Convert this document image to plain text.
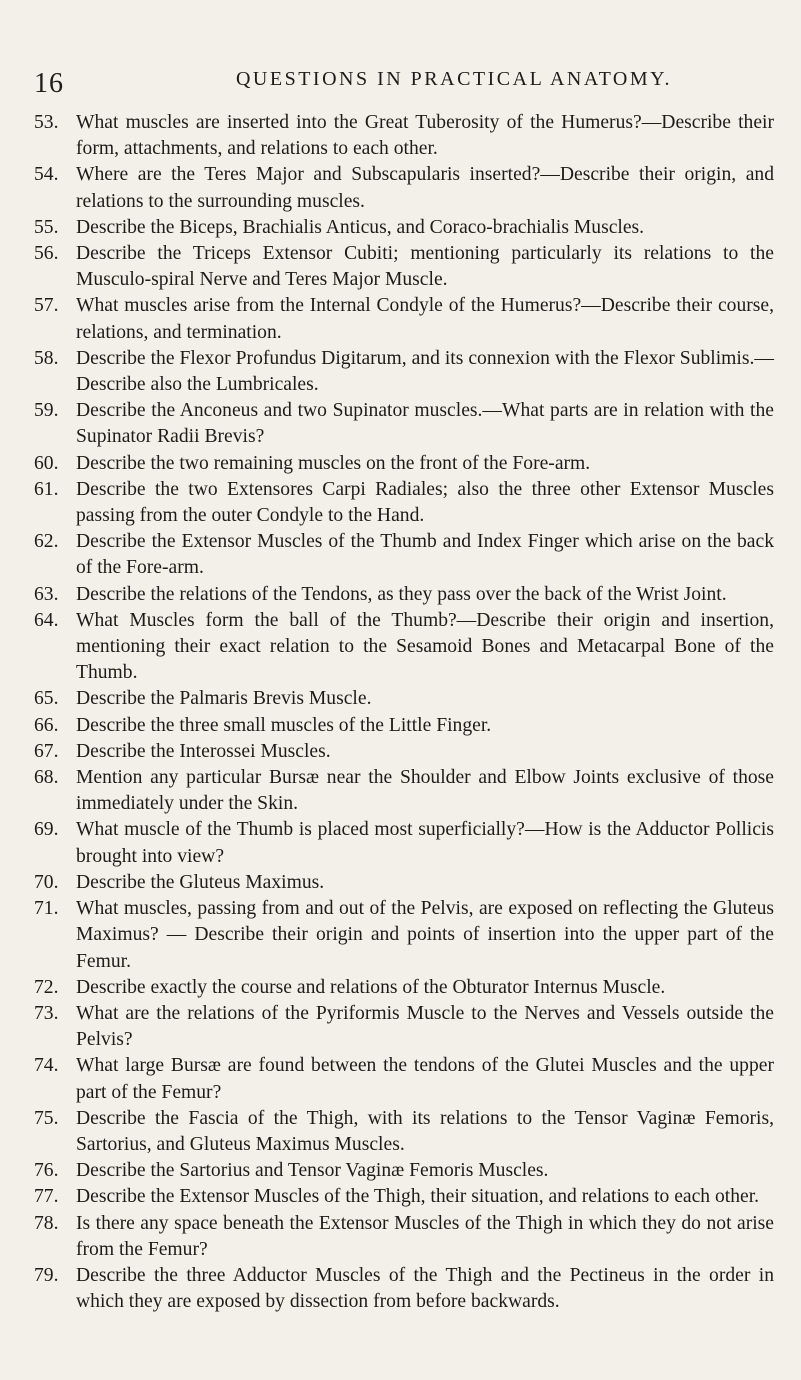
16	QUESTIONS IN PRACTICAL ANATOMY.
53. What muscles are inserted into the Great Tuberosity of the Humerus?—Describe their form, attachments, and relations to each other.
54. Where are the Teres Major and Subscapularis inserted?—Describe their origin, and relations to the surrounding muscles.
55. Describe the Biceps, Brachialis Anticus, and Coraco-brachialis Muscles.
56. Describe the Triceps Extensor Cubiti; mentioning particularly its relations to the Musculo-spiral Nerve and Teres Major Muscle.
57. What muscles arise from the Internal Condyle of the Humerus?—Describe their course, relations, and termination.
58. Describe the Flexor Profundus Digitarum, and its connexion with the Flexor Sublimis.—Describe also the Lumbricales.
59. Describe the Anconeus and two Supinator muscles.—What parts are in relation with the Supinator Radii Brevis?
60. Describe the two remaining muscles on the front of the Fore-arm.
61. Describe the two Extensores Carpi Radiales; also the three other Extensor Muscles passing from the outer Condyle to the Hand.
62. Describe the Extensor Muscles of the Thumb and Index Finger which arise on the back of the Fore-arm.
63. Describe the relations of the Tendons, as they pass over the back of the Wrist Joint.
64. What Muscles form the ball of the Thumb?—Describe their origin and insertion, mentioning their exact relation to the Sesamoid Bones and Metacarpal Bone of the Thumb.
65. Describe the Palmaris Brevis Muscle.
66. Describe the three small muscles of the Little Finger.
67. Describe the Interossei Muscles.
68. Mention any particular Bursæ near the Shoulder and Elbow Joints exclusive of those immediately under the Skin.
69. What muscle of the Thumb is placed most superficially?—How is the Adductor Pollicis brought into view?
70. Describe the Gluteus Maximus.
71. What muscles, passing from and out of the Pelvis, are exposed on reflecting the Gluteus Maximus? — Describe their origin and points of insertion into the upper part of the Femur.
72. Describe exactly the course and relations of the Obturator Internus Muscle.
73. What are the relations of the Pyriformis Muscle to the Nerves and Vessels outside the Pelvis?
74. What large Bursæ are found between the tendons of the Glutei Muscles and the upper part of the Femur?
75. Describe the Fascia of the Thigh, with its relations to the Tensor Vaginæ Femoris, Sartorius, and Gluteus Maximus Muscles.
76. Describe the Sartorius and Tensor Vaginæ Femoris Muscles.
77. Describe the Extensor Muscles of the Thigh, their situation, and relations to each other.
78. Is there any space beneath the Extensor Muscles of the Thigh in which they do not arise from the Femur?
79. Describe the three Adductor Muscles of the Thigh and the Pectineus in the order in which they are exposed by dissection from before backwards.
